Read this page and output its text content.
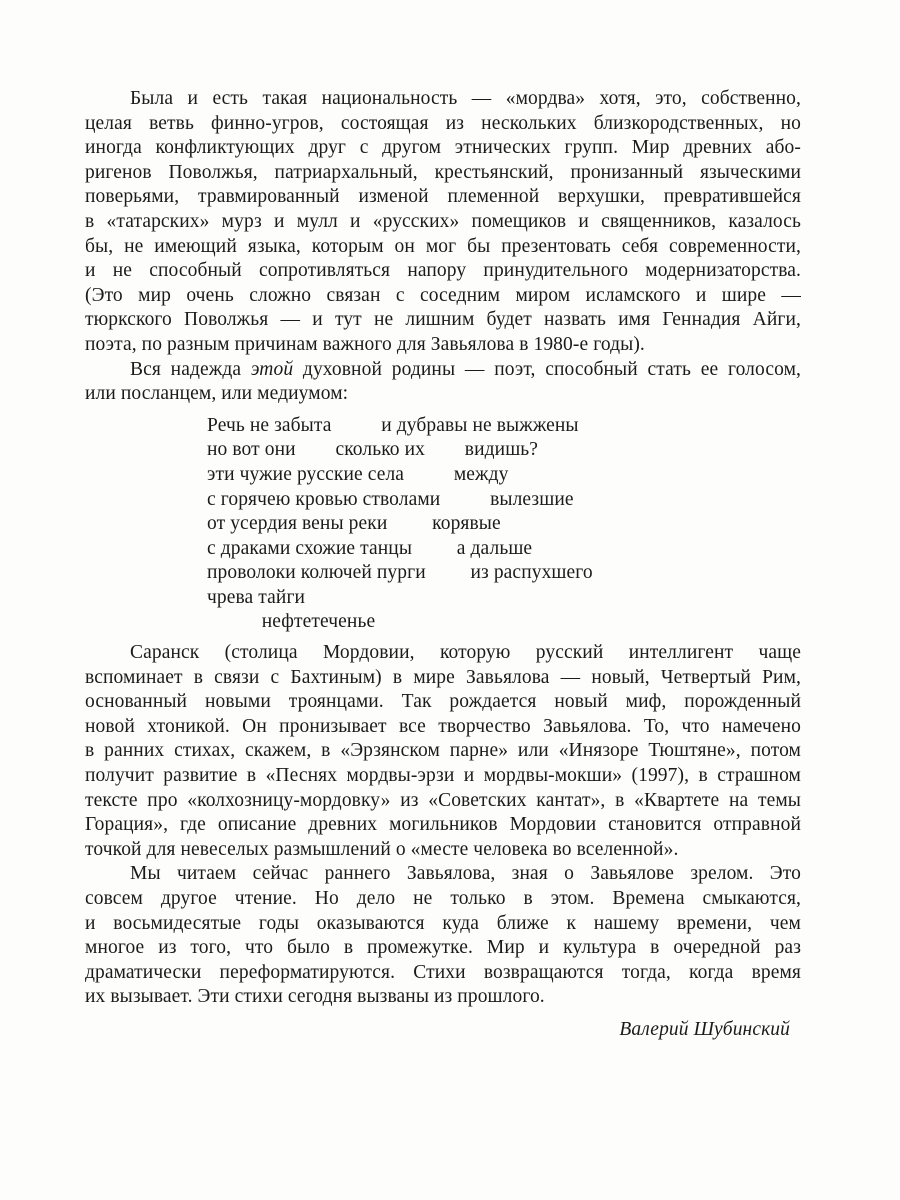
Была и есть такая национальность — «мордва» хотя, это, собственно,
целая ветвь финно-угров, состоящая из нескольких близкородственных, но
иногда конфликтующих друг с другом этнических групп. Мир древних або-
ригенов Поволжья, патриархальный, крестьянский, пронизанный языческими
поверьями, травмированный изменой племенной верхушки, превратившейся
в «татарских» мурз и мулл и «русских» помещиков и священников, казалось
бы, не имеющий языка, которым он мог бы презентовать себя современности,
и не способный сопротивляться напору принудительного модернизаторства.
(Это мир очень сложно связан с соседним миром исламского и шире —
тюркского Поволжья — и тут не лишним будет назвать имя Геннадия Айги,
поэта, по разным причинам важного для Завьялова в 1980-е годы).
Вся надежда этой духовной родины — поэт, способный стать ее голосом,
или посланцем, или медиумом:
Речь не забыта          и дубравы не выжжены
но вот они        сколько их        видишь?
эти чужие русские села          между
с горячею кровью стволами          вылезшие
от усердия вены реки         корявые
с драками схожие танцы         а дальше
проволоки колючей пурги         из распухшего
чрева тайги
нефтетеченье
Саранск (столица Мордовии, которую русский интеллигент чаще
вспоминает в связи с Бахтиным) в мире Завьялова — новый, Четвертый Рим,
основанный новыми троянцами. Так рождается новый миф, порожденный
новой хтоникой. Он пронизывает все творчество Завьялова. То, что намечено
в ранних стихах, скажем, в «Эрзянском парне» или «Инязоре Тюштяне», потом
получит развитие в «Песнях мордвы-эрзи и мордвы-мокши» (1997), в страшном
тексте про «колхозницу-мордовку» из «Советских кантат», в «Квартете на темы
Горация», где описание древних могильников Мордовии становится отправной
точкой для невеселых размышлений о «месте человека во вселенной».
Мы читаем сейчас раннего Завьялова, зная о Завьялове зрелом. Это
совсем другое чтение. Но дело не только в этом. Времена смыкаются,
и восьмидесятые годы оказываются куда ближе к нашему времени, чем
многое из того, что было в промежутке. Мир и культура в очередной раз
драматически переформатируются. Стихи возвращаются тогда, когда время
их вызывает. Эти стихи сегодня вызваны из прошлого.
Валерий Шубинский
